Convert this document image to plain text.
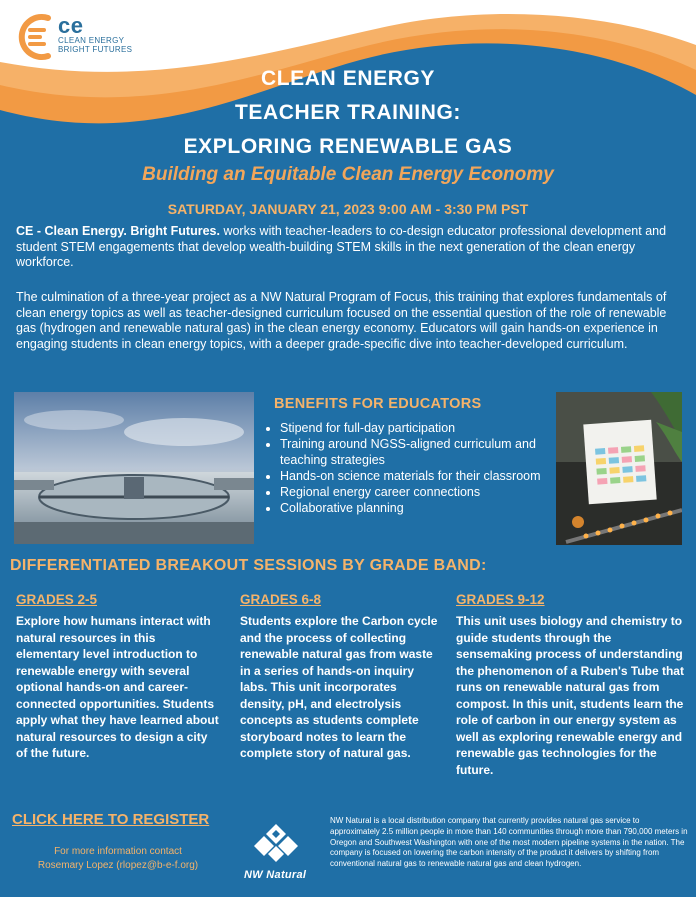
ce
CLEAN ENERGY
BRIGHT FUTURES
CLEAN ENERGY
TEACHER TRAINING:
EXPLORING RENEWABLE GAS
Building an Equitable Clean Energy Economy
SATURDAY, JANUARY 21, 2023 9:00 AM - 3:30 PM PST

CE - Clean Energy. Bright Futures. works with teacher-leaders to co-design educator professional development and student STEM engagements that develop wealth-building STEM skills in the next generation of the clean energy workforce.

The culmination of a three-year project as a NW Natural Program of Focus, this training that explores fundamentals of clean energy topics as well as teacher-designed curriculum focused on the essential question of the role of renewable gas (hydrogen and renewable natural gas) in the clean energy economy. Educators will gain hands-on experience in engaging students in clean energy topics, with a deeper grade-specific dive into teacher-developed curriculum.

BENEFITS FOR EDUCATORS
• Stipend for full-day participation
• Training around NGSS-aligned curriculum and teaching strategies
• Hands-on science materials for their classroom
• Regional energy career connections
• Collaborative planning
DIFFERENTIATED BREAKOUT SESSIONS BY GRADE BAND:
GRADES 2-5

Explore how humans interact with natural resources in this elementary level introduction to renewable energy with several optional hands-on and career-connected opportunities. Students apply what they have learned about natural resources to design a city of the future.

GRADES 6-8

Students explore the Carbon cycle and the process of collecting renewable natural gas from waste in a series of hands-on inquiry labs. This unit incorporates density, pH, and electrolysis concepts as students complete storyboard notes to learn the complete story of natural gas.

GRADES 9-12

This unit uses biology and chemistry to guide students through the sensemaking process of understanding the phenomenon of a Ruben's Tube that runs on renewable natural gas from compost. In this unit, students learn the role of carbon in our energy system as well as exploring renewable energy and renewable gas technologies for the future.

CLICK HERE TO REGISTER
For more information contact
Rosemary Lopez (rlopez@b-e-f.org)
NW Natural

NW Natural is a local distribution company that currently provides natural gas service to approximately 2.5 million people in more than 140 communities through more than 790,000 meters in Oregon and Southwest Washington with one of the most modern pipeline systems in the nation. The company is focused on lowering the carbon intensity of the product it delivers by shifting from conventional natural gas to renewable natural gas and clean hydrogen.
